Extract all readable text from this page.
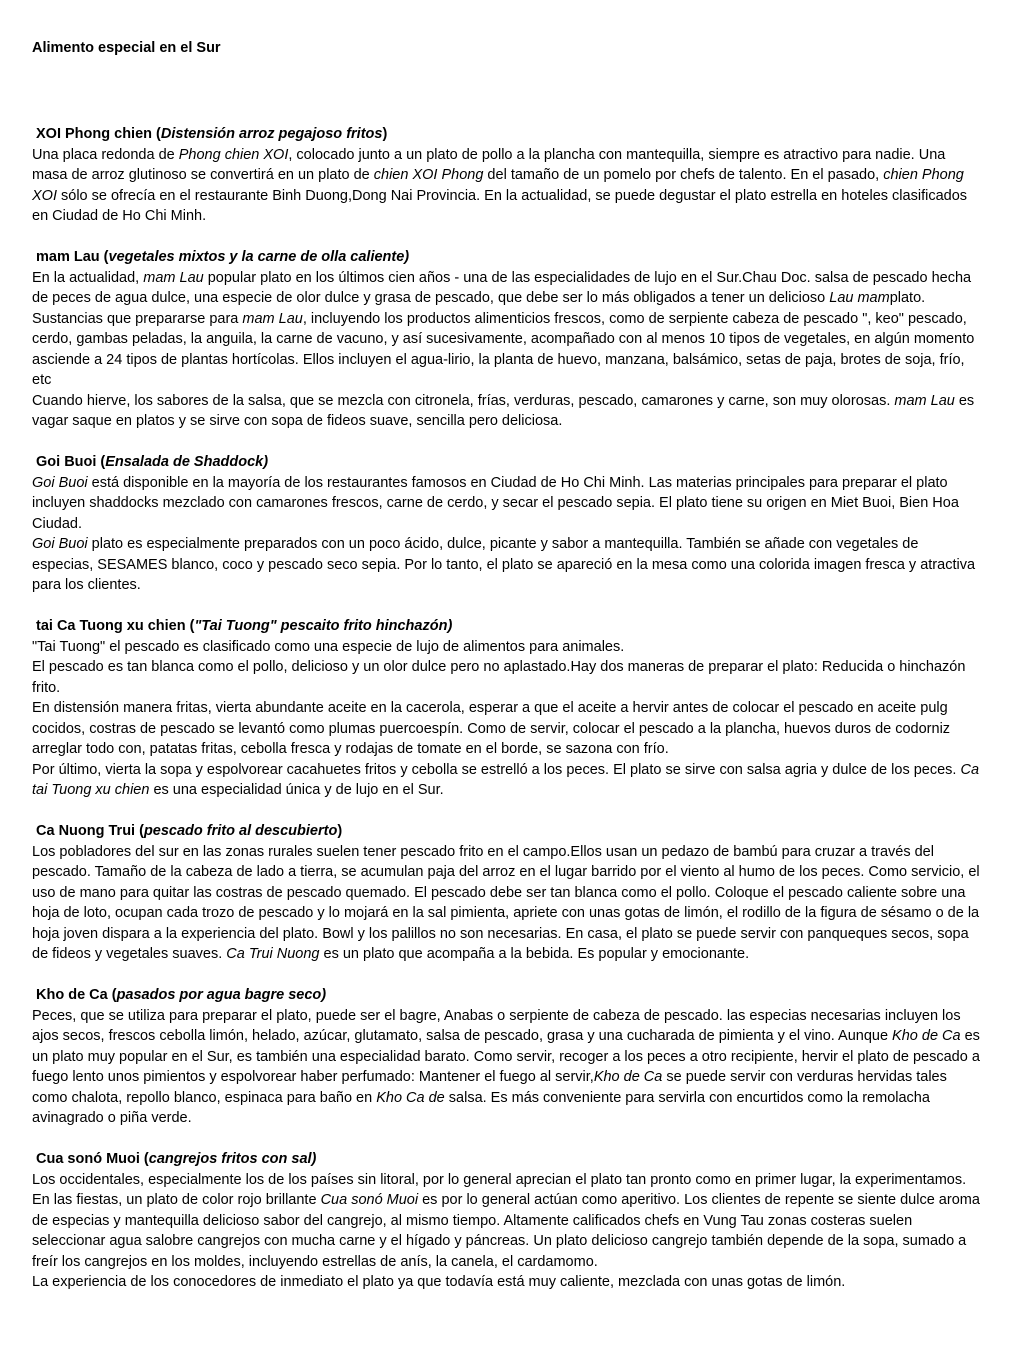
Alimento especial en el Sur
XOI Phong chien (Distensión arroz pegajoso fritos)

Una placa redonda de Phong chien XOI, colocado junto a un plato de pollo a la plancha con mantequilla, siempre es atractivo para nadie. Una masa de arroz glutinoso se convertirá en un plato de chien XOI Phong del tamaño de un pomelo por chefs de talento. En el pasado, chien Phong XOI sólo se ofrecía en el restaurante Binh Duong,Dong Nai Provincia. En la actualidad, se puede degustar el plato estrella en hoteles clasificados en Ciudad de Ho Chi Minh.

mam Lau (vegetales mixtos y la carne de olla caliente)

En la actualidad, mam Lau popular plato en los últimos cien años - una de las especialidades de lujo en el Sur.Chau Doc. salsa de pescado hecha de peces de agua dulce, una especie de olor dulce y grasa de pescado, que debe ser lo más obligados a tener un delicioso Lau mamplato.

Sustancias que prepararse para mam Lau, incluyendo los productos alimenticios frescos, como de serpiente cabeza de pescado ", keo" pescado, cerdo, gambas peladas, la anguila, la carne de vacuno, y así sucesivamente, acompañado con al menos 10 tipos de vegetales, en algún momento asciende a 24 tipos de plantas hortícolas. Ellos incluyen el agua-lirio, la planta de huevo, manzana, balsámico, setas de paja, brotes de soja, frío, etc

Cuando hierve, los sabores de la salsa, que se mezcla con citronela, frías, verduras, pescado, camarones y carne, son muy olorosas. mam Lau es vagar saque en platos y se sirve con sopa de fideos suave, sencilla pero deliciosa.

Goi Buoi (Ensalada de Shaddock)

Goi Buoi está disponible en la mayoría de los restaurantes famosos en Ciudad de Ho Chi Minh. Las materias principales para preparar el plato incluyen shaddocks mezclado con camarones frescos, carne de cerdo, y secar el pescado sepia. El plato tiene su origen en Miet Buoi, Bien Hoa Ciudad.

Goi Buoi plato es especialmente preparados con un poco ácido, dulce, picante y sabor a mantequilla. También se añade con vegetales de especias, SESAMES blanco, coco y pescado seco sepia. Por lo tanto, el plato se apareció en la mesa como una colorida imagen fresca y atractiva para los clientes.

tai Ca Tuong xu chien ("Tai Tuong" pescaito frito hinchazón)

"Tai Tuong" el pescado es clasificado como una especie de lujo de alimentos para animales.

El pescado es tan blanca como el pollo, delicioso y un olor dulce pero no aplastado.Hay dos maneras de preparar el plato: Reducida o hinchazón frito.

En distensión manera fritas, vierta abundante aceite en la cacerola, esperar a que el aceite a hervir antes de colocar el pescado en aceite pulg cocidos, costras de pescado se levantó como plumas puercoespín. Como de servir, colocar el pescado a la plancha, huevos duros de codorniz arreglar todo con, patatas fritas, cebolla fresca y rodajas de tomate en el borde, se sazona con frío.

Por último, vierta la sopa y espolvorear cacahuetes fritos y cebolla se estrelló a los peces. El plato se sirve con salsa agria y dulce de los peces. Ca tai Tuong xu chien es una especialidad única y de lujo en el Sur.

Ca Nuong Trui (pescado frito al descubierto)

Los pobladores del sur en las zonas rurales suelen tener pescado frito en el campo.Ellos usan un pedazo de bambú para cruzar a través del pescado. Tamaño de la cabeza de lado a tierra, se acumulan paja del arroz en el lugar barrido por el viento al humo de los peces. Como servicio, el uso de mano para quitar las costras de pescado quemado. El pescado debe ser tan blanca como el pollo. Coloque el pescado caliente sobre una hoja de loto, ocupan cada trozo de pescado y lo mojará en la sal pimienta, apriete con unas gotas de limón, el rodillo de la figura de sésamo o de la hoja joven dispara a la experiencia del plato. Bowl y los palillos no son necesarias. En casa, el plato se puede servir con panqueques secos, sopa de fideos y vegetales suaves. Ca Trui Nuong es un plato que acompaña a la bebida. Es popular y emocionante.

Kho de Ca (pasados por agua bagre seco)

Peces, que se utiliza para preparar el plato, puede ser el bagre, Anabas o serpiente de cabeza de pescado. las especias necesarias incluyen los ajos secos, frescos cebolla limón, helado, azúcar, glutamato, salsa de pescado, grasa y una cucharada de pimienta y el vino. Aunque Kho de Ca es un plato muy popular en el Sur, es también una especialidad barato. Como servir, recoger a los peces a otro recipiente, hervir el plato de pescado a fuego lento unos pimientos y espolvorear haber perfumado: Mantener el fuego al servir,Kho de Ca se puede servir con verduras hervidas tales como chalota, repollo blanco, espinaca para baño en Kho Ca de salsa. Es más conveniente para servirla con encurtidos como la remolacha avinagrado o piña verde.

Cua sonó Muoi (cangrejos fritos con sal)

Los occidentales, especialmente los de los países sin litoral, por lo general aprecian el plato tan pronto como en primer lugar, la experimentamos.

En las fiestas, un plato de color rojo brillante Cua sonó Muoi es por lo general actúan como aperitivo. Los clientes de repente se siente dulce aroma de especias y mantequilla delicioso sabor del cangrejo, al mismo tiempo. Altamente calificados chefs en Vung Tau zonas costeras suelen seleccionar agua salobre cangrejos con mucha carne y el hígado y páncreas. Un plato delicioso cangrejo también depende de la sopa, sumado a freír los cangrejos en los moldes, incluyendo estrellas de anís, la canela, el cardamomo.

La experiencia de los conocedores de inmediato el plato ya que todavía está muy caliente, mezclada con unas gotas de limón.
